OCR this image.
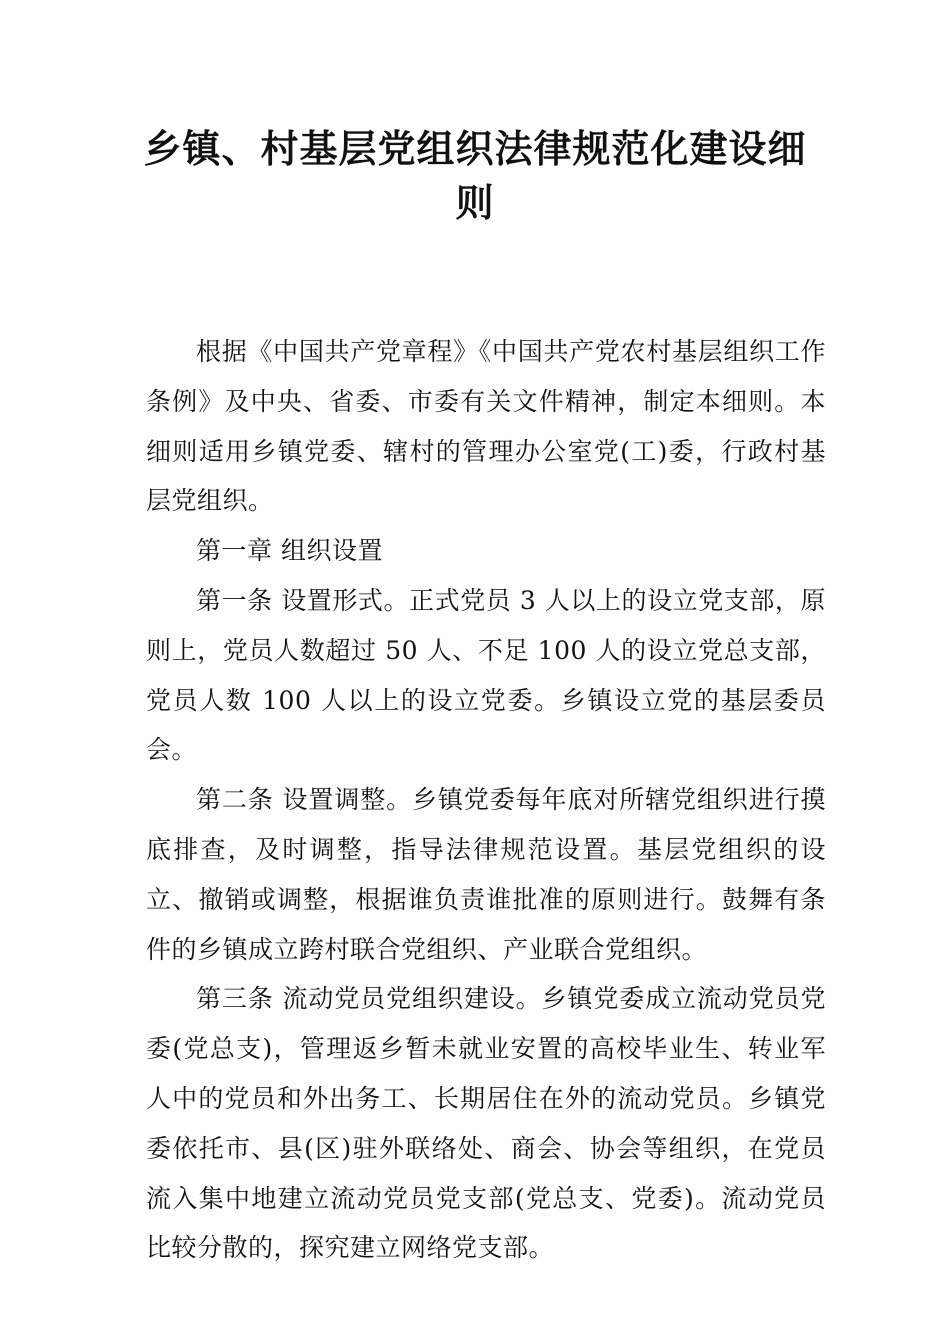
乡镇、村基层党组织法律规范化建设细则

根据《中国共产党章程》《中国共产党农村基层组织工作条例》及中央、省委、市委有关文件精神，制定本细则。本细则适用乡镇党委、辖村的管理办公室党(工)委，行政村基层党组织。

第一章 组织设置

第一条 设置形式。正式党员 3 人以上的设立党支部，原则上，党员人数超过 50 人、不足 100 人的设立党总支部，党员人数 100 人以上的设立党委。乡镇设立党的基层委员会。

第二条 设置调整。乡镇党委每年底对所辖党组织进行摸底排查，及时调整，指导法律规范设置。基层党组织的设立、撤销或调整，根据谁负责谁批准的原则进行。鼓舞有条件的乡镇成立跨村联合党组织、产业联合党组织。

第三条 流动党员党组织建设。乡镇党委成立流动党员党委(党总支)，管理返乡暂未就业安置的高校毕业生、转业军人中的党员和外出务工、长期居住在外的流动党员。乡镇党委依托市、县(区)驻外联络处、商会、协会等组织，在党员流入集中地建立流动党员党支部(党总支、党委)。流动党员比较分散的，探究建立网络党支部。
